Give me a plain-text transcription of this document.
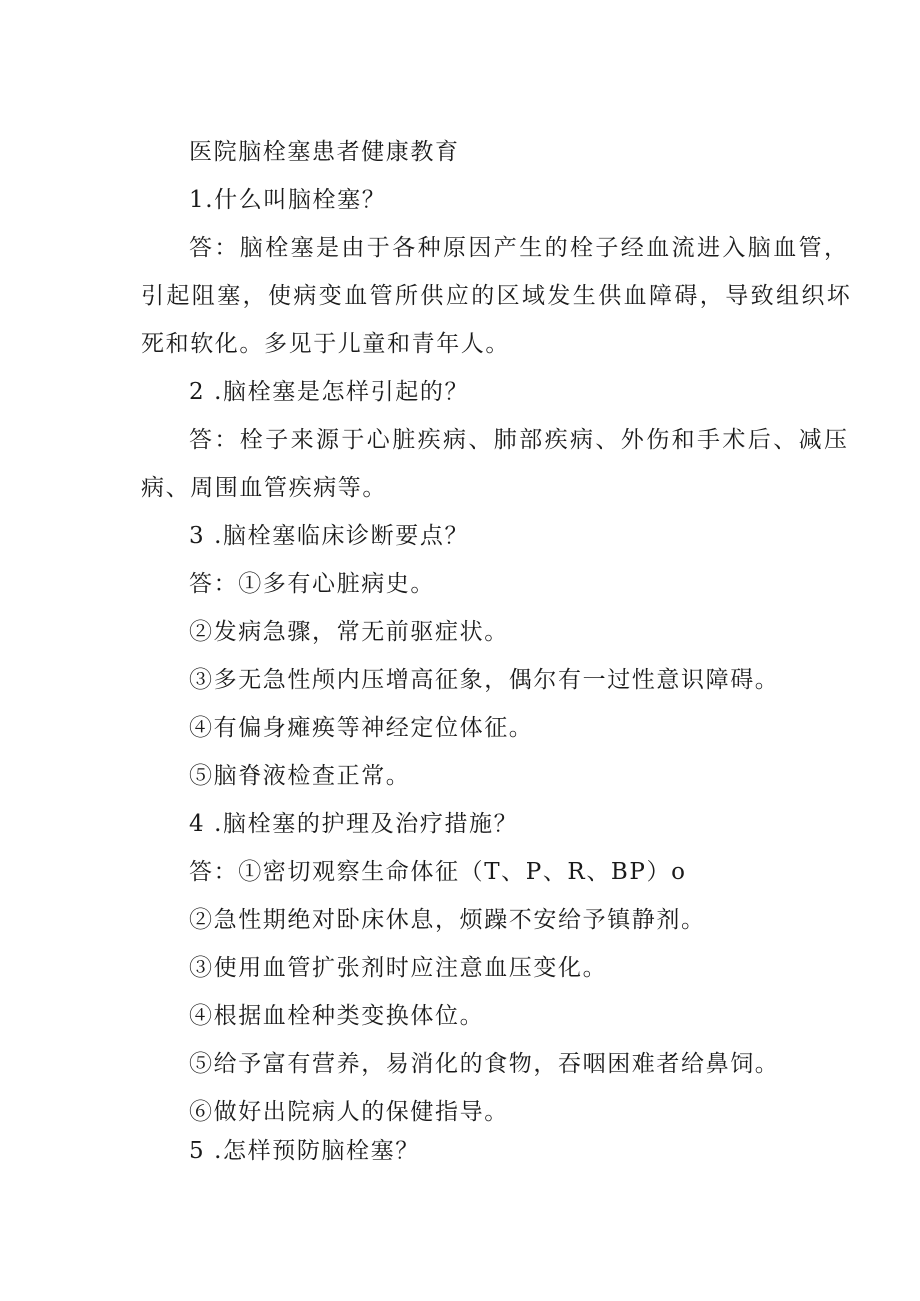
医院脑栓塞患者健康教育
1.什么叫脑栓塞？
答：脑栓塞是由于各种原因产生的栓子经血流进入脑血管，
引起阻塞，使病变血管所供应的区域发生供血障碍，导致组织坏
死和软化。多见于儿童和青年人。
2 .脑栓塞是怎样引起的？
答：栓子来源于心脏疾病、肺部疾病、外伤和手术后、减压
病、周围血管疾病等。
3 .脑栓塞临床诊断要点？
答：①多有心脏病史。
②发病急骤，常无前驱症状。
③多无急性颅内压增高征象，偶尔有一过性意识障碍。
④有偏身瘫痪等神经定位体征。
⑤脑脊液检查正常。
4 .脑栓塞的护理及治疗措施？
答：①密切观察生命体征（T、P、R、BP）o
②急性期绝对卧床休息，烦躁不安给予镇静剂。
③使用血管扩张剂时应注意血压变化。
④根据血栓种类变换体位。
⑤给予富有营养，易消化的食物，吞咽困难者给鼻饲。
⑥做好出院病人的保健指导。
5 .怎样预防脑栓塞？
